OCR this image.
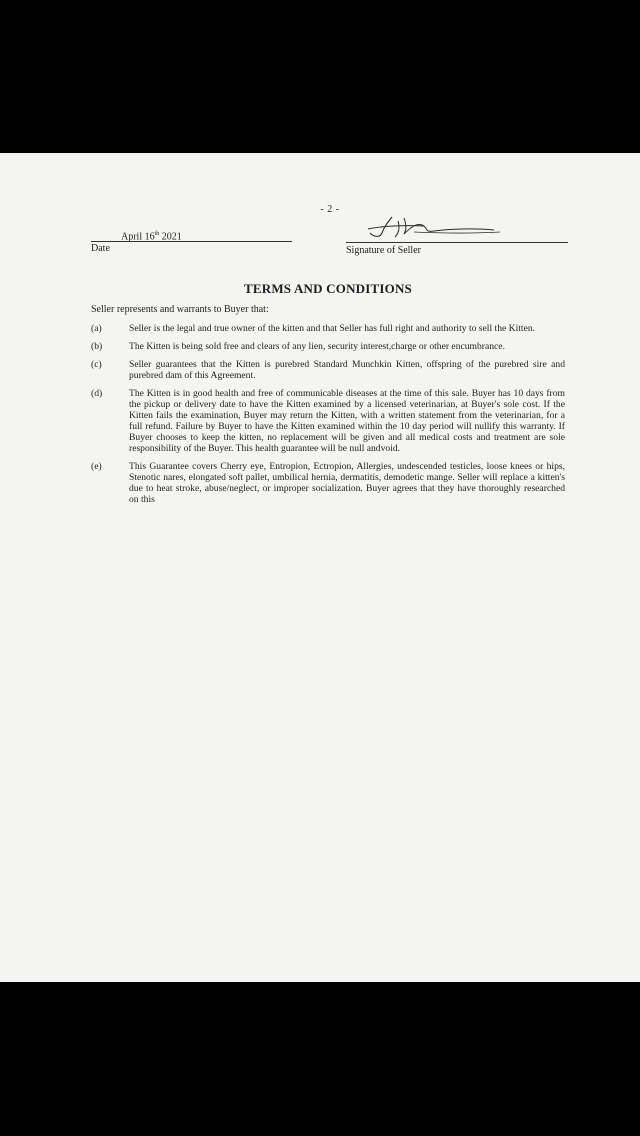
- 2 -
April 16th 2021
Date	Signature of Seller
TERMS AND CONDITIONS
Seller represents and warrants to Buyer that:
(a)	Seller is the legal and true owner of the kitten and that Seller has full right and authority to sell the Kitten.
(b)	The Kitten is being sold free and clears of any lien, security interest,charge or other encumbrance.
(c)	Seller guarantees that the Kitten is purebred Standard Munchkin Kitten, offspring of the purebred sire and purebred dam of this Agreement.
(d)	The Kitten is in good health and free of communicable diseases at the time of this sale. Buyer has 10 days from the pickup or delivery date to have the Kitten examined by a licensed veterinarian, at Buyer's sole cost. If the Kitten fails the examination, Buyer may return the Kitten, with a written statement from the veterinarian, for a full refund. Failure by Buyer to have the Kitten examined within the 10 day period will nullify this warranty. If Buyer chooses to keep the kitten, no replacement will be given and all medical costs and treatment are sole responsibility of the Buyer. This health guarantee will be null andvoid.
(e)	This Guarantee covers Cherry eye, Entropion, Ectropion, Allergies, undescended testicles, loose knees or hips, Stenotic nares, elongated soft pallet, umbilical hernia, dermatitis, demodetic mange. Seller will replace a kitten's due to heat stroke, abuse/neglect, or improper socialization. Buyer agrees that they have thoroughly researched on this
